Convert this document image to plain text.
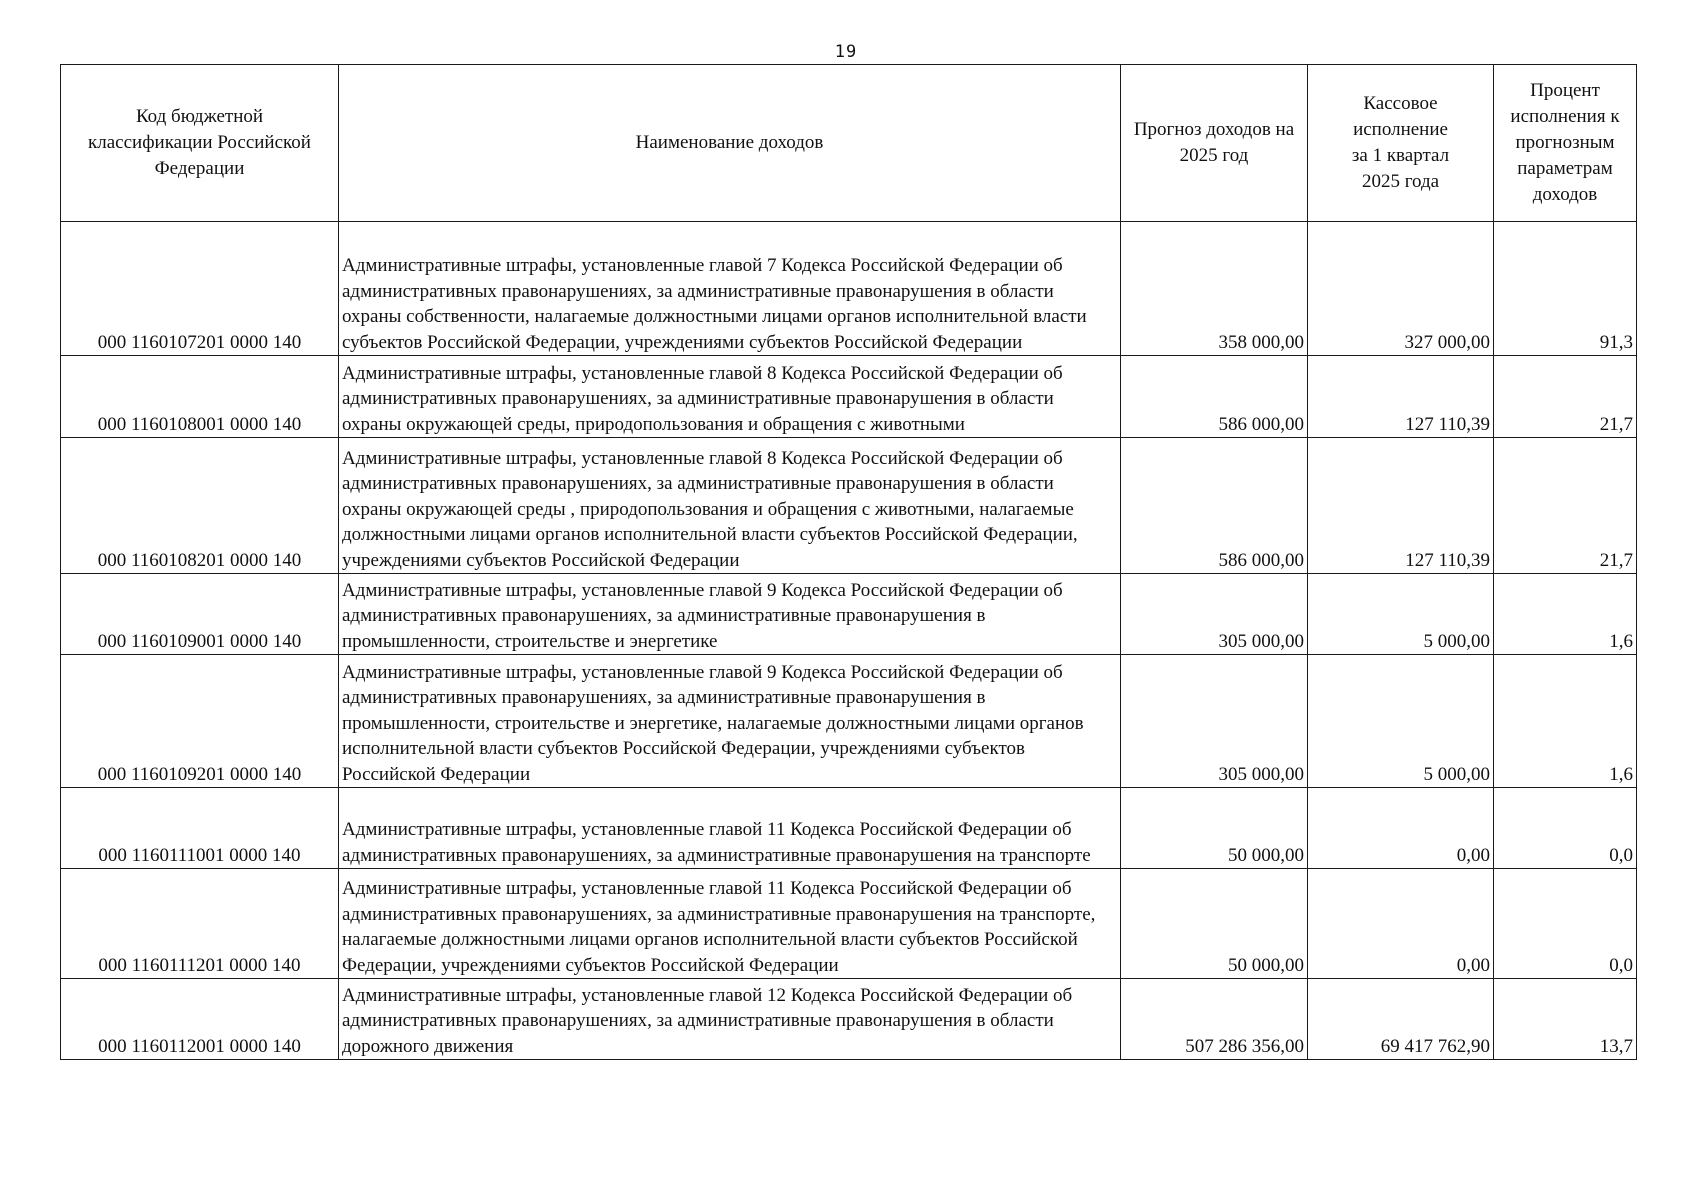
19
Код бюджетной классификации Российской Федерации	Наименование доходов	Прогноз доходов на 2025 год	Кассовое исполнение за 1 квартал 2025 года	Процент исполнения к прогнозным параметрам доходов
000 1160107201 0000 140	Административные штрафы, установленные главой 7 Кодекса Российской Федерации об административных правонарушениях, за административные правонарушения в области охраны собственности, налагаемые должностными лицами органов исполнительной власти субъектов Российской Федерации, учреждениями субъектов Российской Федерации	358 000,00	327 000,00	91,3
000 1160108001 0000 140	Административные штрафы, установленные главой 8 Кодекса Российской Федерации об административных правонарушениях, за административные правонарушения в области охраны окружающей среды, природопользования и обращения с животными	586 000,00	127 110,39	21,7
000 1160108201 0000 140	Административные штрафы, установленные главой 8 Кодекса Российской Федерации об административных правонарушениях, за административные правонарушения в области охраны окружающей среды , природопользования и обращения с животными, налагаемые должностными лицами органов исполнительной власти субъектов Российской Федерации, учреждениями субъектов Российской Федерации	586 000,00	127 110,39	21,7
000 1160109001 0000 140	Административные штрафы, установленные главой 9 Кодекса Российской Федерации об административных правонарушениях, за административные правонарушения в промышленности, строительстве и энергетике	305 000,00	5 000,00	1,6
000 1160109201 0000 140	Административные штрафы, установленные главой 9 Кодекса Российской Федерации об административных правонарушениях, за административные правонарушения в промышленности, строительстве и энергетике, налагаемые должностными лицами органов исполнительной власти субъектов Российской Федерации, учреждениями субъектов Российской Федерации	305 000,00	5 000,00	1,6
000 1160111001 0000 140	Административные штрафы, установленные главой 11 Кодекса Российской Федерации об административных правонарушениях, за административные правонарушения на транспорте	50 000,00	0,00	0,0
000 1160111201 0000 140	Административные штрафы, установленные главой 11 Кодекса Российской Федерации об административных правонарушениях, за административные правонарушения на транспорте, налагаемые должностными лицами органов исполнительной власти субъектов Российской Федерации, учреждениями субъектов Российской Федерации	50 000,00	0,00	0,0
000 1160112001 0000 140	Административные штрафы, установленные главой 12 Кодекса Российской Федерации об административных правонарушениях, за административные правонарушения в области дорожного движения	507 286 356,00	69 417 762,90	13,7
